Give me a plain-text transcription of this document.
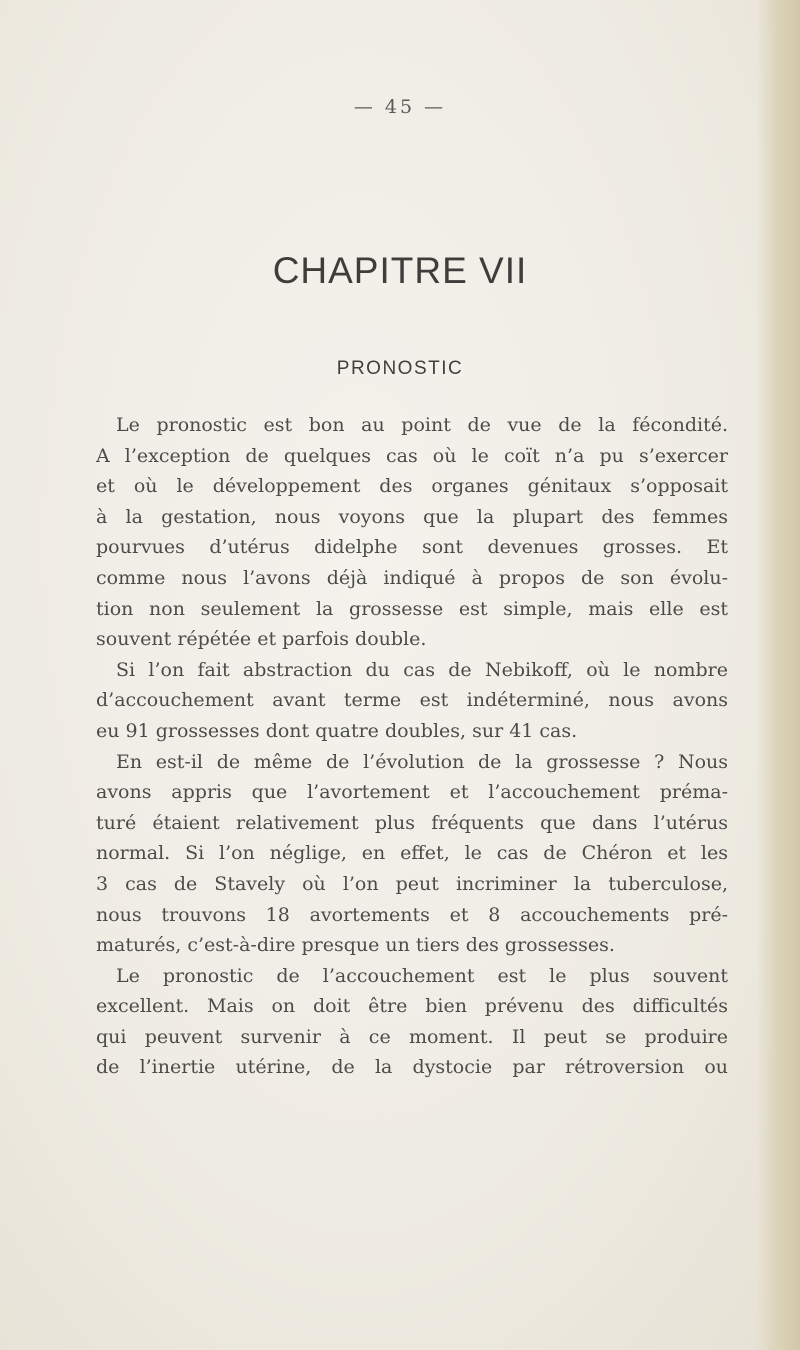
— 45 —
CHAPITRE VII
PRONOSTIC
Le pronostic est bon au point de vue de la fécondité.
A l’exception de quelques cas où le coït n’a pu s’exercer
et où le développement des organes génitaux s’opposait
à la gestation, nous voyons que la plupart des femmes
pourvues d’utérus didelphe sont devenues grosses. Et
comme nous l’avons déjà indiqué à propos de son évolu-
tion non seulement la grossesse est simple, mais elle est
souvent répétée et parfois double.
Si l’on fait abstraction du cas de Nebikoff, où le nombre
d’accouchement avant terme est indéterminé, nous avons
eu 91 grossesses dont quatre doubles, sur 41 cas.
En est-il de même de l’évolution de la grossesse ? Nous
avons appris que l’avortement et l’accouchement préma-
turé étaient relativement plus fréquents que dans l’utérus
normal. Si l’on néglige, en effet, le cas de Chéron et les
3 cas de Stavely où l’on peut incriminer la tuberculose,
nous trouvons 18 avortements et 8 accouchements pré-
maturés, c’est-à-dire presque un tiers des grossesses.
Le pronostic de l’accouchement est le plus souvent
excellent. Mais on doit être bien prévenu des difficultés
qui peuvent survenir à ce moment. Il peut se produire
de l’inertie utérine, de la dystocie par rétroversion ou
